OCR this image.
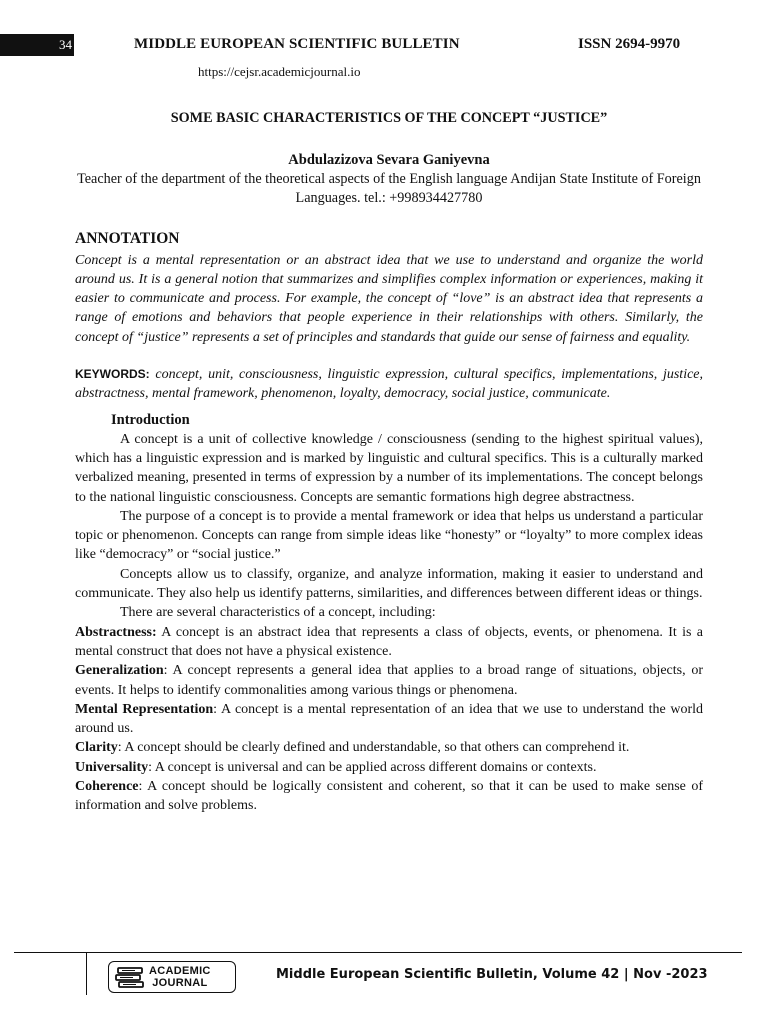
34	MIDDLE EUROPEAN SCIENTIFIC BULLETIN	ISSN 2694-9970
https://cejsr.academicjournal.io

SOME BASIC CHARACTERISTICS OF THE CONCEPT “JUSTICE”

Abdulazizova Sevara Ganiyevna

Teacher of the department of the theoretical aspects of the English language Andijan State Institute of Foreign Languages. tel.: +998934427780

ANNOTATION

Concept is a mental representation or an abstract idea that we use to understand and organize the world around us. It is a general notion that summarizes and simplifies complex information or experiences, making it easier to communicate and process. For example, the concept of “love” is an abstract idea that represents a range of emotions and behaviors that people experience in their relationships with others. Similarly, the concept of “justice” represents a set of principles and standards that guide our sense of fairness and equality.

KEYWORDS: concept, unit, consciousness, linguistic expression, cultural specifics, implementations, justice, abstractness, mental framework, phenomenon, loyalty, democracy, social justice, communicate.

Introduction

A concept is a unit of collective knowledge / consciousness (sending to the highest spiritual values), which has a linguistic expression and is marked by linguistic and cultural specifics. This is a culturally marked verbalized meaning, presented in terms of expression by a number of its implementations. The concept belongs to the national linguistic consciousness. Concepts are semantic formations high degree abstractness.

The purpose of a concept is to provide a mental framework or idea that helps us understand a particular topic or phenomenon. Concepts can range from simple ideas like “honesty” or “loyalty” to more complex ideas like “democracy” or “social justice.”

Concepts allow us to classify, organize, and analyze information, making it easier to understand and communicate. They also help us identify patterns, similarities, and differences between different ideas or things.

There are several characteristics of a concept, including:

Abstractness: A concept is an abstract idea that represents a class of objects, events, or phenomena. It is a mental construct that does not have a physical existence.

Generalization: A concept represents a general idea that applies to a broad range of situations, objects, or events. It helps to identify commonalities among various things or phenomena.

Mental Representation: A concept is a mental representation of an idea that we use to understand the world around us.

Clarity: A concept should be clearly defined and understandable, so that others can comprehend it.

Universality: A concept is universal and can be applied across different domains or contexts.

Coherence: A concept should be logically consistent and coherent, so that it can be used to make sense of information and solve problems.

ACADEMIC
JOURNAL
Middle European Scientific Bulletin, Volume 42 | Nov -2023
